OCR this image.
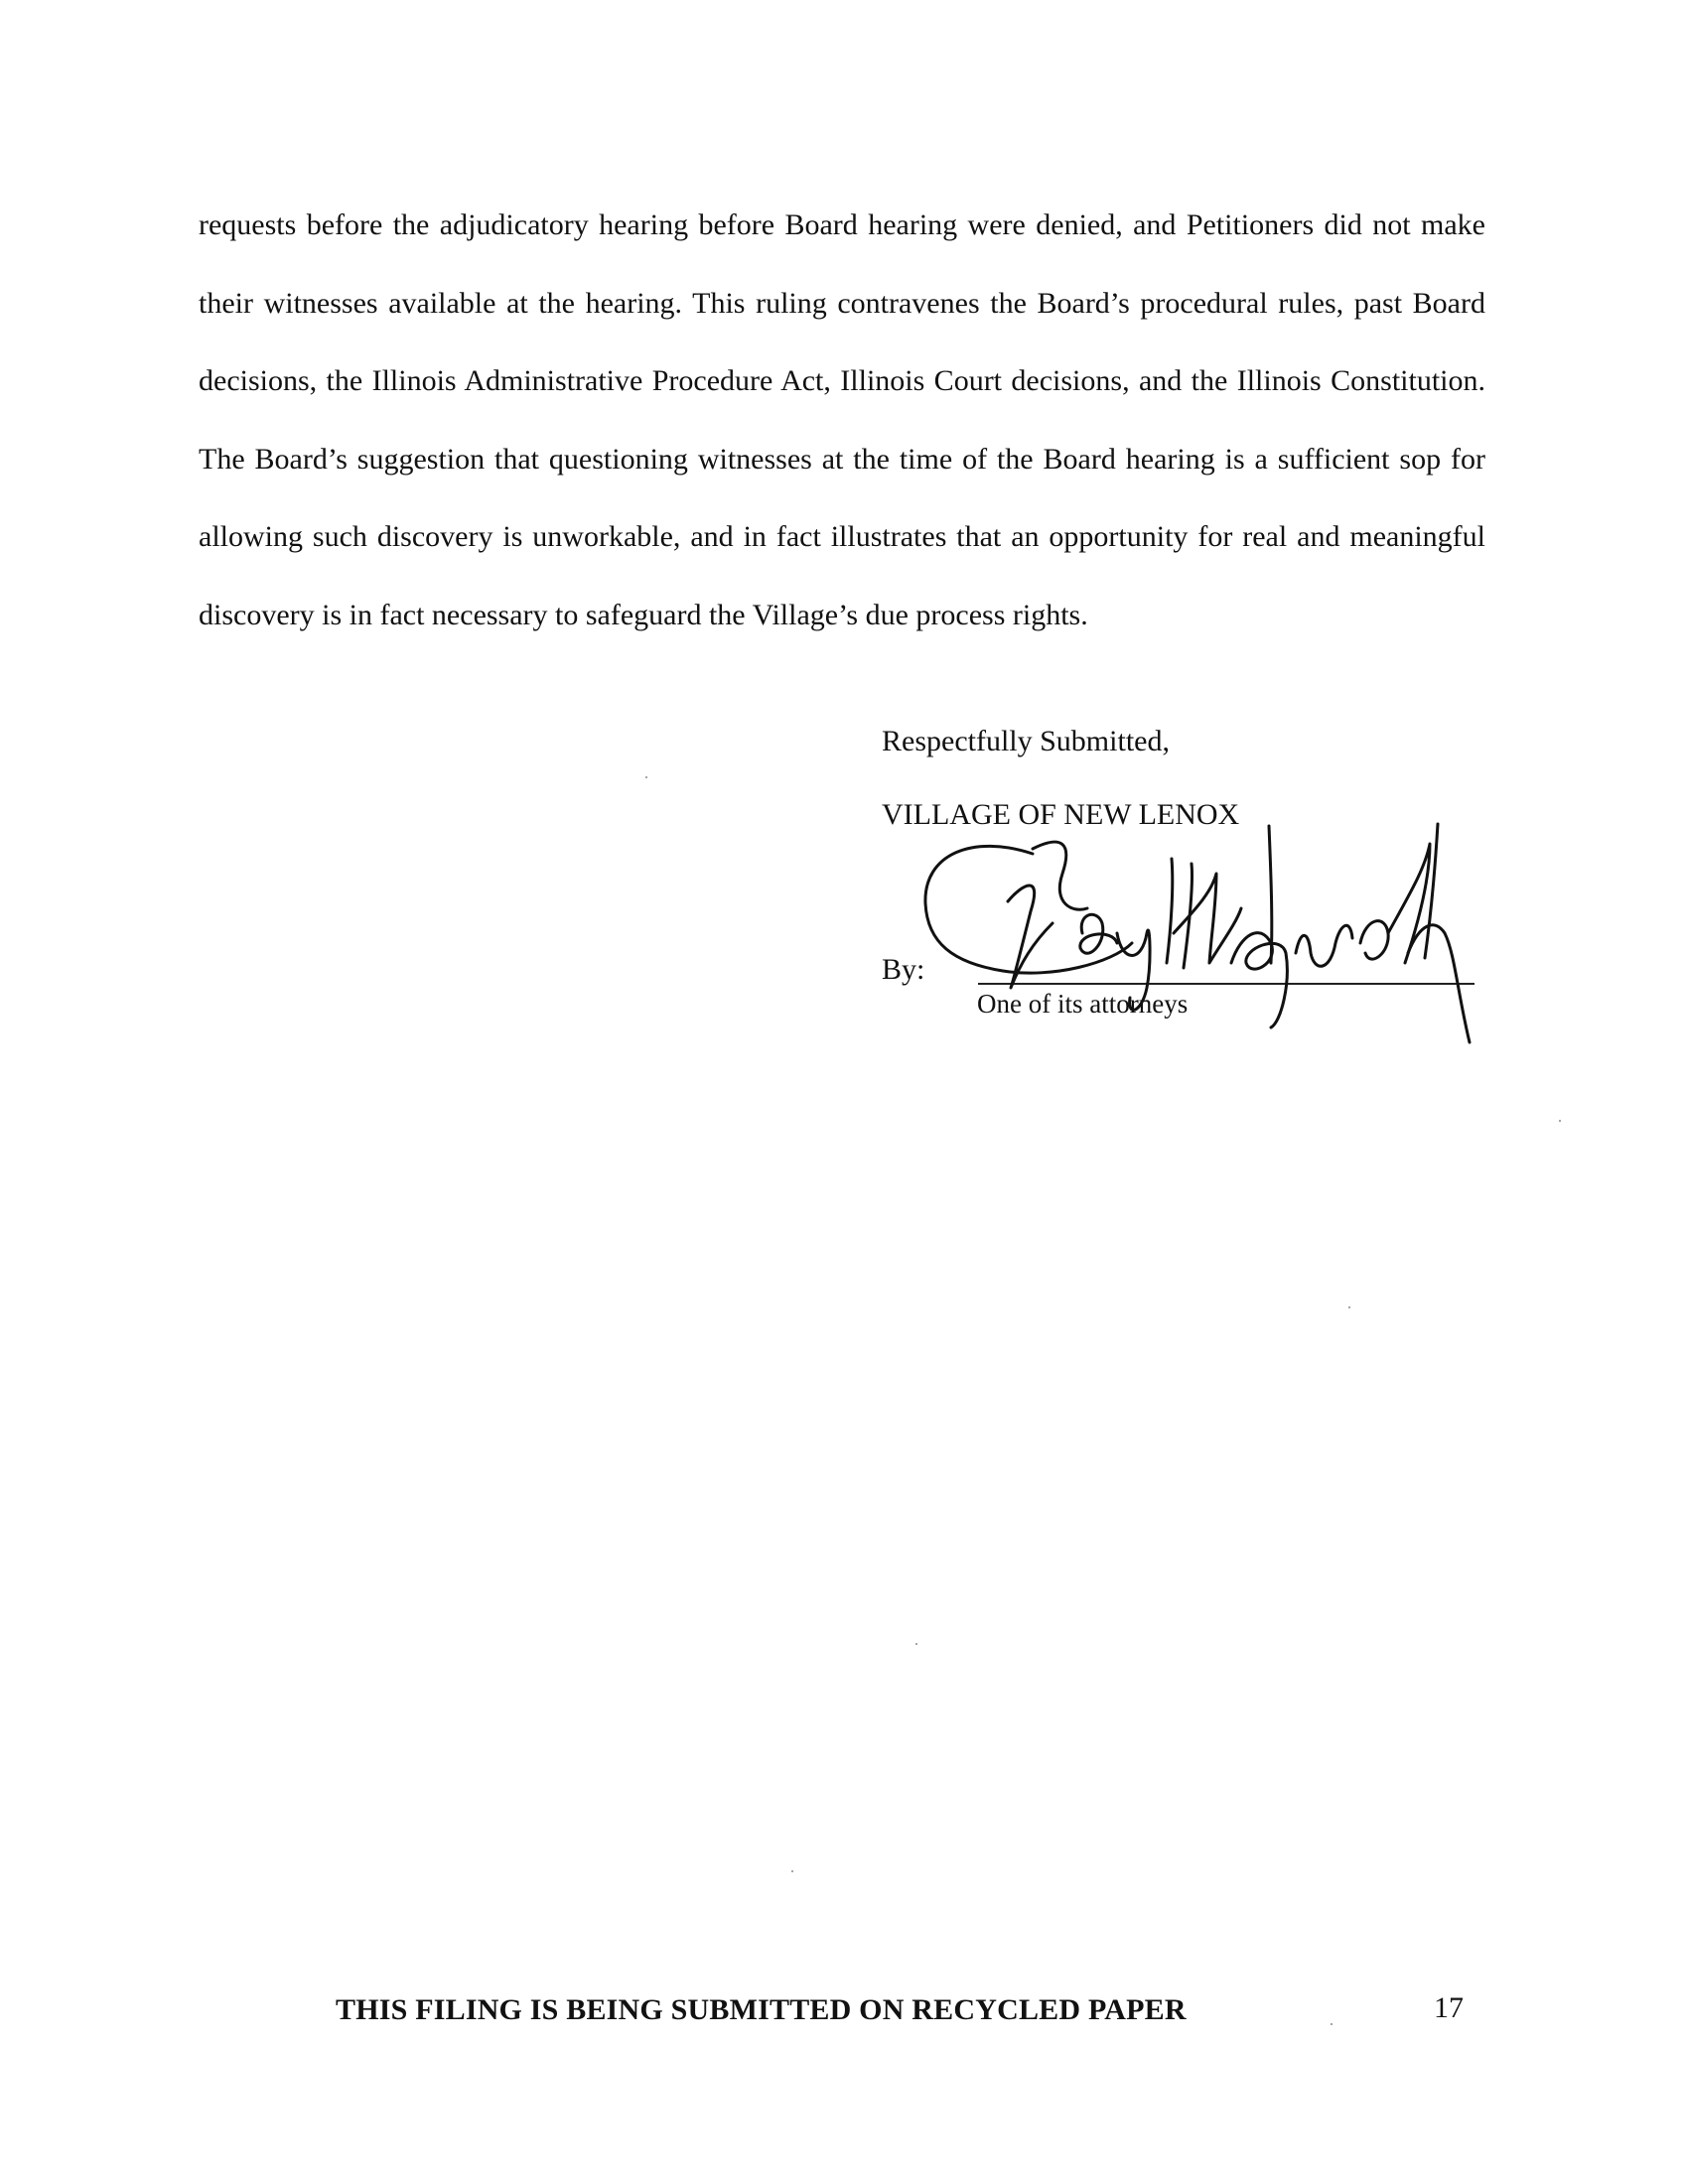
requests before the adjudicatory hearing before Board hearing were denied, and Petitioners did not make their witnesses available at the hearing. This ruling contravenes the Board’s procedural rules, past Board decisions, the Illinois Administrative Procedure Act, Illinois Court decisions, and the Illinois Constitution. The Board’s suggestion that questioning witnesses at the time of the Board hearing is a sufficient sop for allowing such discovery is unworkable, and in fact illustrates that an opportunity for real and meaningful discovery is in fact necessary to safeguard the Village’s due process rights.

Respectfully Submitted,
VILLAGE OF NEW LENOX
By:
One of its attorneys
THIS FILING IS BEING SUBMITTED ON RECYCLED PAPER	17
